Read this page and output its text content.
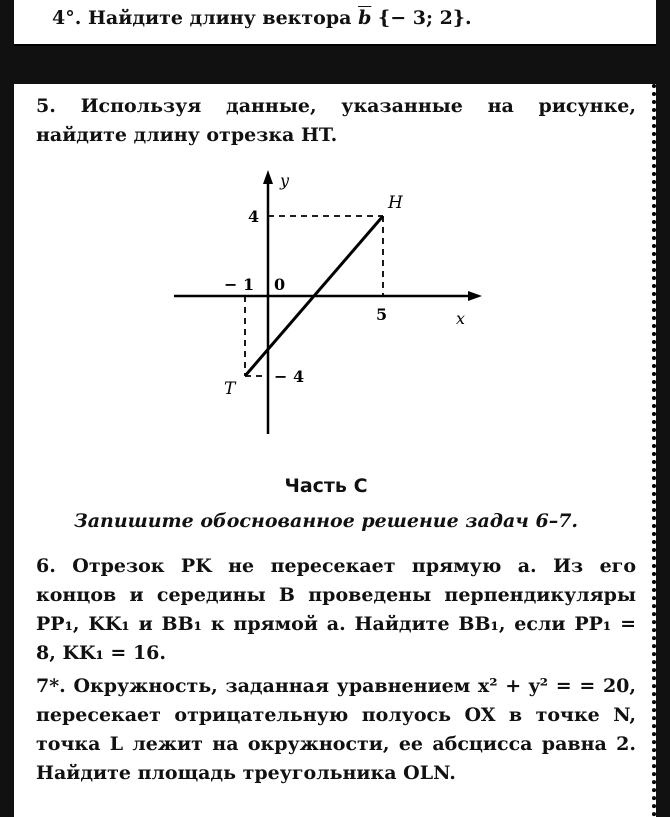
4°. Найдите длину вектора $\overline{b}$ {− 3; 2}.

5. Используя данные, указанные на рисунке, найдите длину отрезка HT.

y
x
H
T
4
− 1 0
5
− 4
Часть С
Запишите обоснованное решение задач 6–7.

6. Отрезок PK не пересекает прямую a. Из его концов и середины B проведены перпендикуляры PP₁, KK₁ и BB₁ к прямой a. Найдите BB₁, если PP₁ = 8, KK₁ = 16.

7*. Окружность, заданная уравнением x² + y² = = 20, пересекает отрицательную полуось OX в точке N, точка L лежит на окружности, ее абсцисса равна 2. Найдите площадь треугольника OLN.
